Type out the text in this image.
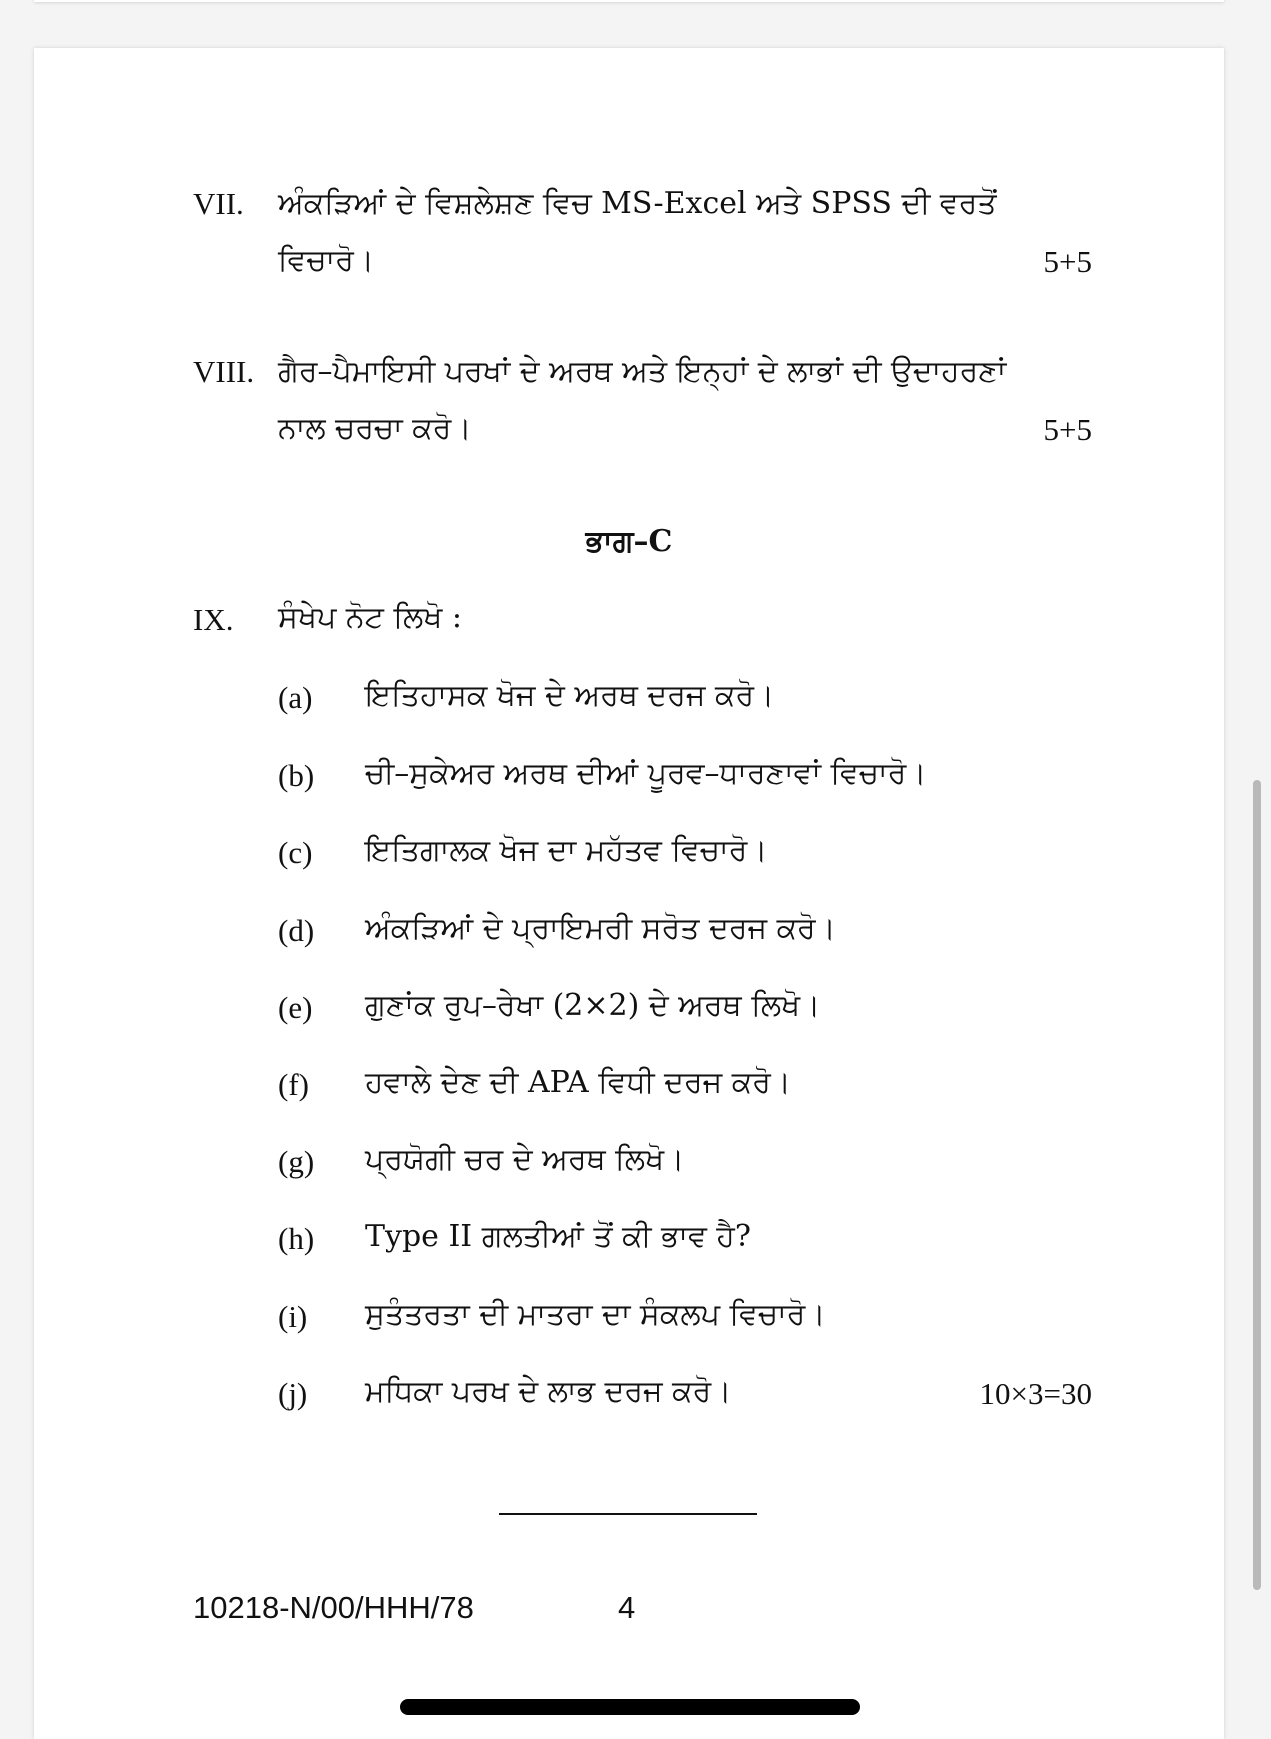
VII. ਅੰਕੜਿਆਂ ਦੇ ਵਿਸ਼ਲੇਸ਼ਣ ਵਿਚ MS-Excel ਅਤੇ SPSS ਦੀ ਵਰਤੋਂ
ਵਿਚਾਰੋ।	5+5
VIII. ਗੈਰ–ਪੈਮਾਇਸੀ ਪਰਖਾਂ ਦੇ ਅਰਥ ਅਤੇ ਇਨ੍ਹਾਂ ਦੇ ਲਾਭਾਂ ਦੀ ਉਦਾਹਰਣਾਂ
ਨਾਲ ਚਰਚਾ ਕਰੋ।	5+5
ਭਾਗ–C
IX. ਸੰਖੇਪ ਨੋਟ ਲਿਖੋ :
(a) ਇਤਿਹਾਸਕ ਖੋਜ ਦੇ ਅਰਥ ਦਰਜ ਕਰੋ।
(b) ਚੀ–ਸੁਕੇਅਰ ਅਰਥ ਦੀਆਂ ਪੂਰਵ–ਧਾਰਣਾਵਾਂ ਵਿਚਾਰੋ।
(c) ਇਤਿਗਾਲਕ ਖੋਜ ਦਾ ਮਹੱਤਵ ਵਿਚਾਰੋ।
(d) ਅੰਕੜਿਆਂ ਦੇ ਪ੍ਰਾਇਮਰੀ ਸਰੋਤ ਦਰਜ ਕਰੋ।
(e) ਗੁਣਾਂਕ ਰੁਪ–ਰੇਖਾ (2×2) ਦੇ ਅਰਥ ਲਿਖੋ।
(f) ਹਵਾਲੇ ਦੇਣ ਦੀ APA ਵਿਧੀ ਦਰਜ ਕਰੋ।
(g) ਪ੍ਰਯੋਗੀ ਚਰ ਦੇ ਅਰਥ ਲਿਖੋ।
(h) Type II ਗਲਤੀਆਂ ਤੋਂ ਕੀ ਭਾਵ ਹੈ?
(i) ਸੁਤੰਤਰਤਾ ਦੀ ਮਾਤਰਾ ਦਾ ਸੰਕਲਪ ਵਿਚਾਰੋ।
(j) ਮਧਿਕਾ ਪਰਖ ਦੇ ਲਾਭ ਦਰਜ ਕਰੋ।	10×3=30
10218-N/00/HHH/78	4
